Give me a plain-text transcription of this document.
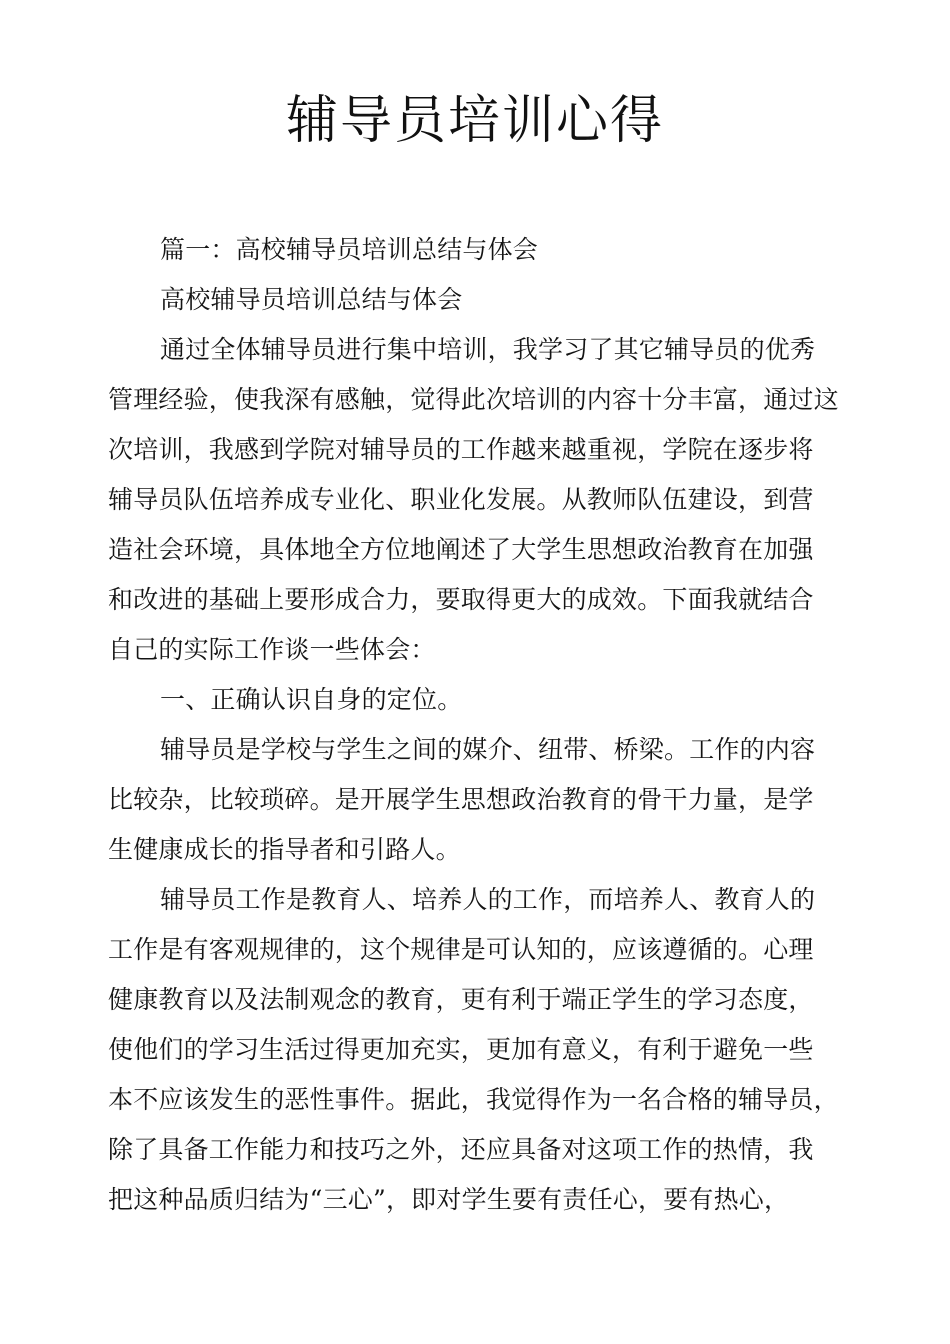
辅导员培训心得
篇一：高校辅导员培训总结与体会
高校辅导员培训总结与体会
通过全体辅导员进行集中培训，我学习了其它辅导员的优秀
管理经验，使我深有感触，觉得此次培训的内容十分丰富，通过这
次培训，我感到学院对辅导员的工作越来越重视，学院在逐步将
辅导员队伍培养成专业化、职业化发展。从教师队伍建设，到营
造社会环境，具体地全方位地阐述了大学生思想政治教育在加强
和改进的基础上要形成合力，要取得更大的成效。下面我就结合
自己的实际工作谈一些体会：
一、正确认识自身的定位。
辅导员是学校与学生之间的媒介、纽带、桥梁。工作的内容
比较杂，比较琐碎。是开展学生思想政治教育的骨干力量，是学
生健康成长的指导者和引路人。
辅导员工作是教育人、培养人的工作，而培养人、教育人的
工作是有客观规律的，这个规律是可认知的，应该遵循的。心理
健康教育以及法制观念的教育，更有利于端正学生的学习态度，
使他们的学习生活过得更加充实，更加有意义，有利于避免一些
本不应该发生的恶性事件。据此，我觉得作为一名合格的辅导员，
除了具备工作能力和技巧之外，还应具备对这项工作的热情，我
把这种品质归结为“三心”，即对学生要有责任心，要有热心，
